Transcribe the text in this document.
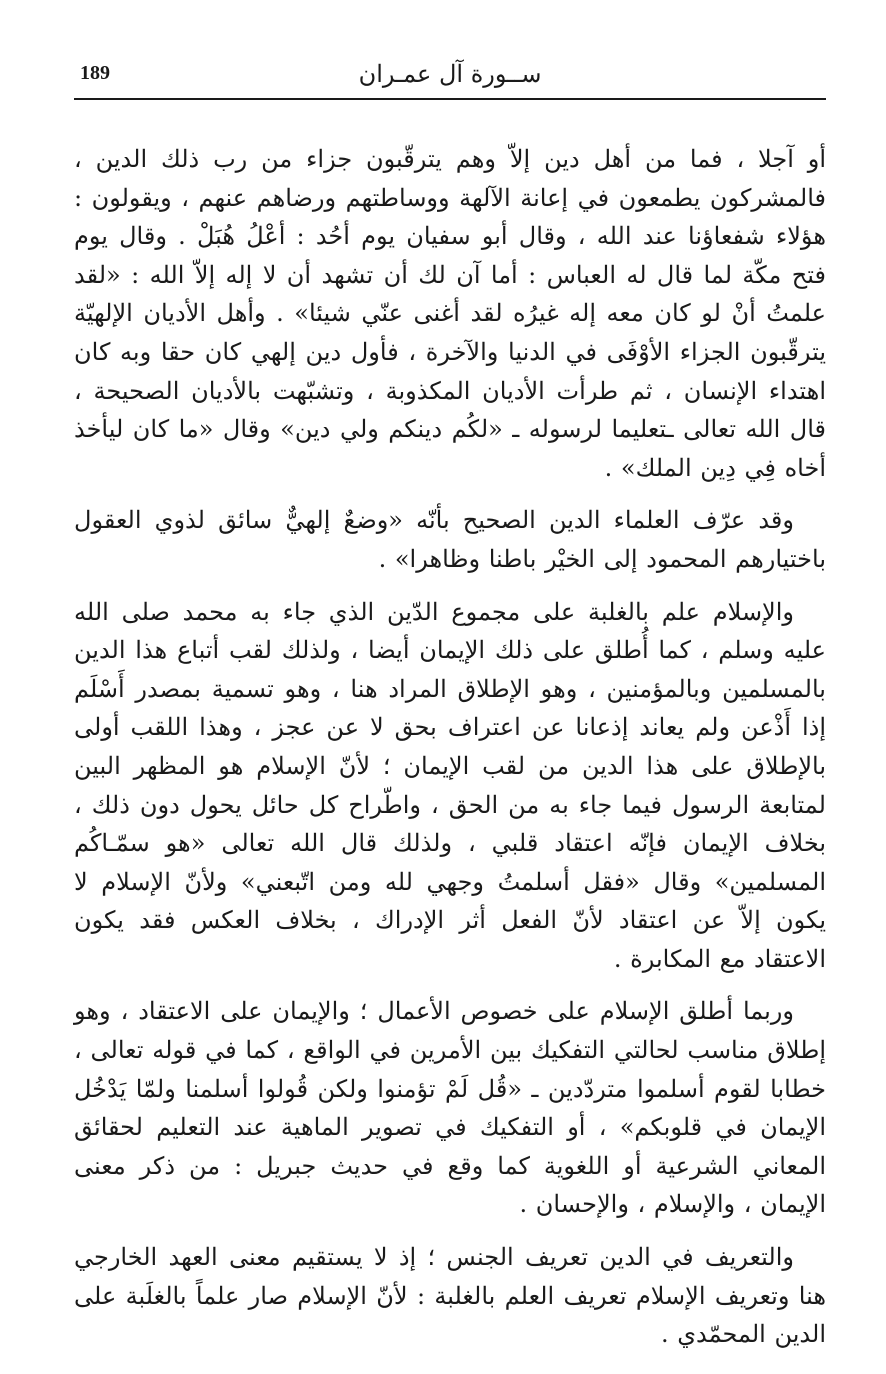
ســورة آل عمـران
189

أو آجلا ، فما من أهل دين إلاّ وهم يترقّبون جزاء من رب ذلك الدين ، فالمشركون يطمعون في إعانة الآلهة ووساطتهم ورضاهم عنهم ، ويقولون : هؤلاء شفعاؤنا عند الله ، وقال أبو سفيان يوم أحُد : أعْلُ هُبَلْ . وقال يوم فتح مكّة لما قال له العباس : أما آن لك أن تشهد أن لا إله إلاّ الله : «لقد علمتُ أنْ لو كان معه إله غيرُه لقد أغنى عنّي شيئا» . وأهل الأديان الإلهيّة يترقّبون الجزاء الأوْفَى في الدنيا والآخرة ، فأول دين إلهي كان حقا وبه كان اهتداء الإنسان ، ثم طرأت الأديان المكذوبة ، وتشبّهت بالأديان الصحيحة ، قال الله تعالى ـتعليما لرسوله ـ «لكُم دينكم ولي دين» وقال «ما كان ليأخذ أخاه فِي دِين الملك» .

وقد عرّف العلماء الدين الصحيح بأنّه «وضعٌ إلهيٌّ سائق لذوي العقول باختيارهم المحمود إلى الخيْر باطنا وظاهرا» .

والإسلام علم بالغلبة على مجموع الدّين الذي جاء به محمد صلى الله عليه وسلم ، كما أُطلق على ذلك الإيمان أيضا ، ولذلك لقب أتباع هذا الدين بالمسلمين وبالمؤمنين ، وهو الإطلاق المراد هنا ، وهو تسمية بمصدر أَسْلَم إذا أَذْعن ولم يعاند إذعانا عن اعتراف بحق لا عن عجز ، وهذا اللقب أولى بالإطلاق على هذا الدين من لقب الإيمان ؛ لأنّ الإسلام هو المظهر البين لمتابعة الرسول فيما جاء به من الحق ، واطّراح كل حائل يحول دون ذلك ، بخلاف الإيمان فإنّه اعتقاد قلبي ، ولذلك قال الله تعالى «هو سمّـاكُم المسلمين» وقال «فقل أسلمتُ وجهي لله ومن اتّبعني» ولأنّ الإسلام لا يكون إلاّ عن اعتقاد لأنّ الفعل أثر الإدراك ، بخلاف العكس فقد يكون الاعتقاد مع المكابرة .

وربما أطلق الإسلام على خصوص الأعمال ؛ والإيمان على الاعتقاد ، وهو إطلاق مناسب لحالتي التفكيك بين الأمرين في الواقع ، كما في قوله تعالى ، خطابا لقوم أسلموا متردّدين ـ «قُل لَمْ تؤمنوا ولكن قُولوا أسلمنا ولمّا يَدْخُل الإيمان في قلوبكم» ، أو التفكيك في تصوير الماهية عند التعليم لحقائق المعاني الشرعية أو اللغوية كما وقع في حديث جبريل : من ذكر معنى الإيمان ، والإسلام ، والإحسان .

والتعريف في الدين تعريف الجنس ؛ إذ لا يستقيم معنى العهد الخارجي هنا وتعريف الإسلام تعريف العلم بالغلبة : لأنّ الإسلام صار علماً بالغلَبة على الدين المحمّدي .
